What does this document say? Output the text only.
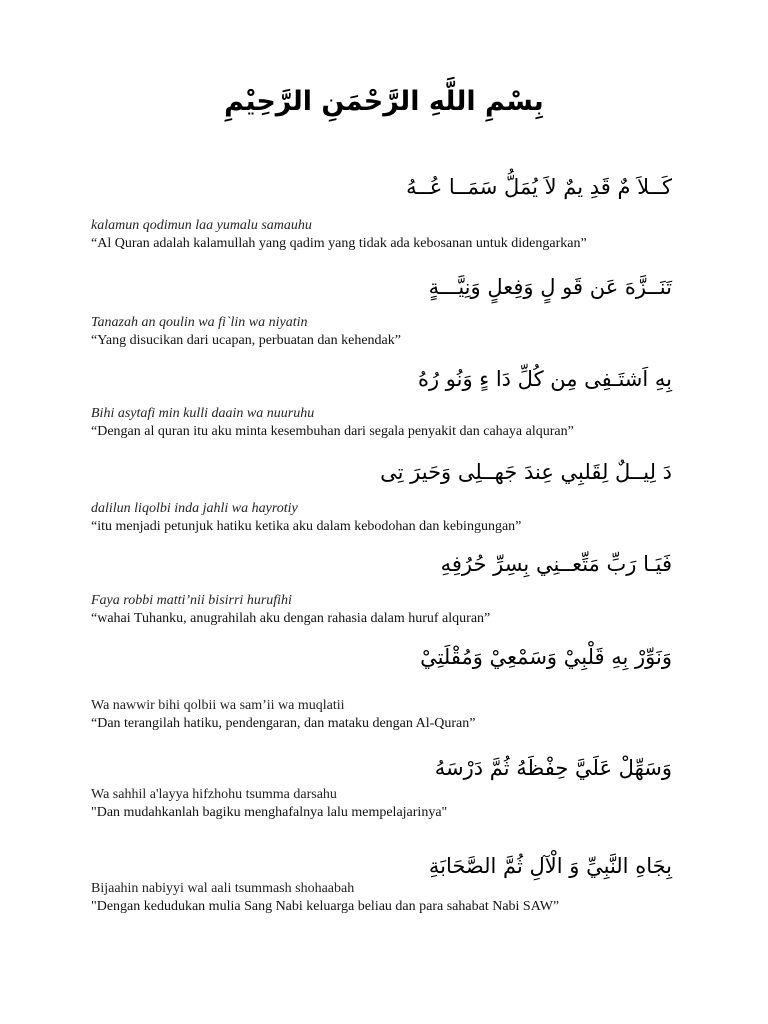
بِسْمِ اللَّهِ الرَّحْمَنِ الرَّحِيْمِ
كَــلاَ مٌ قَدِ يمٌ لاَ يُمَلُّ سَمَــا عُــهُ
kalamun qodimun laa yumalu samauhu
“Al Quran adalah kalamullah yang qadim yang tidak ada kebosanan untuk didengarkan”
تَنَــزَّهَ عَن قَو لٍ وَفِعلٍ وَنِيَّـــةٍ
Tanazah an qoulin wa fi`lin wa niyatin
“Yang disucikan dari ucapan, perbuatan dan kehendak”
بِهِ اَشتَـفِى مِن كُلِّ دَا ءٍ وَنُو رُهُ
Bihi asytafi min kulli daain wa nuuruhu
“Dengan al quran itu aku minta kesembuhan dari segala penyakit dan cahaya alquran”
دَ لِيــلٌ لِقَلبِي عِندَ جَهــلِى وَحَيرَ تِى
dalilun liqolbi inda jahli wa hayrotiy
“itu menjadi petunjuk hatiku ketika aku dalam kebodohan dan kebingungan”
فَيَـا رَبِّ مَتِّعــنِي بِسِرِّ حُرُفِهِ
Faya robbi matti’nii bisirri hurufihi
“wahai Tuhanku, anugrahilah aku dengan rahasia dalam huruf alquran”
وَنَوِّرْ بِهِ قَلْبِيْ وَسَمْعِيْ وَمُقْلَتِيْ
Wa nawwir bihi qolbii wa sam’ii wa muqlatii
“Dan terangilah hatiku, pendengaran, dan mataku dengan Al-Quran”
وَسَهِّلْ عَلَيَّ حِفْظَهُ ثُمَّ دَرْسَهُ
Wa sahhil a'layya hifzhohu tsumma darsahu
"Dan mudahkanlah bagiku menghafalnya lalu mempelajarinya"
بِجَاهِ النَّبِيِّ وَ الْآلِ ثُمَّ الصَّحَابَةِ
Bijaahin nabiyyi wal aali tsummash shohaabah
"Dengan kedudukan mulia Sang Nabi keluarga beliau dan para sahabat Nabi SAW”
